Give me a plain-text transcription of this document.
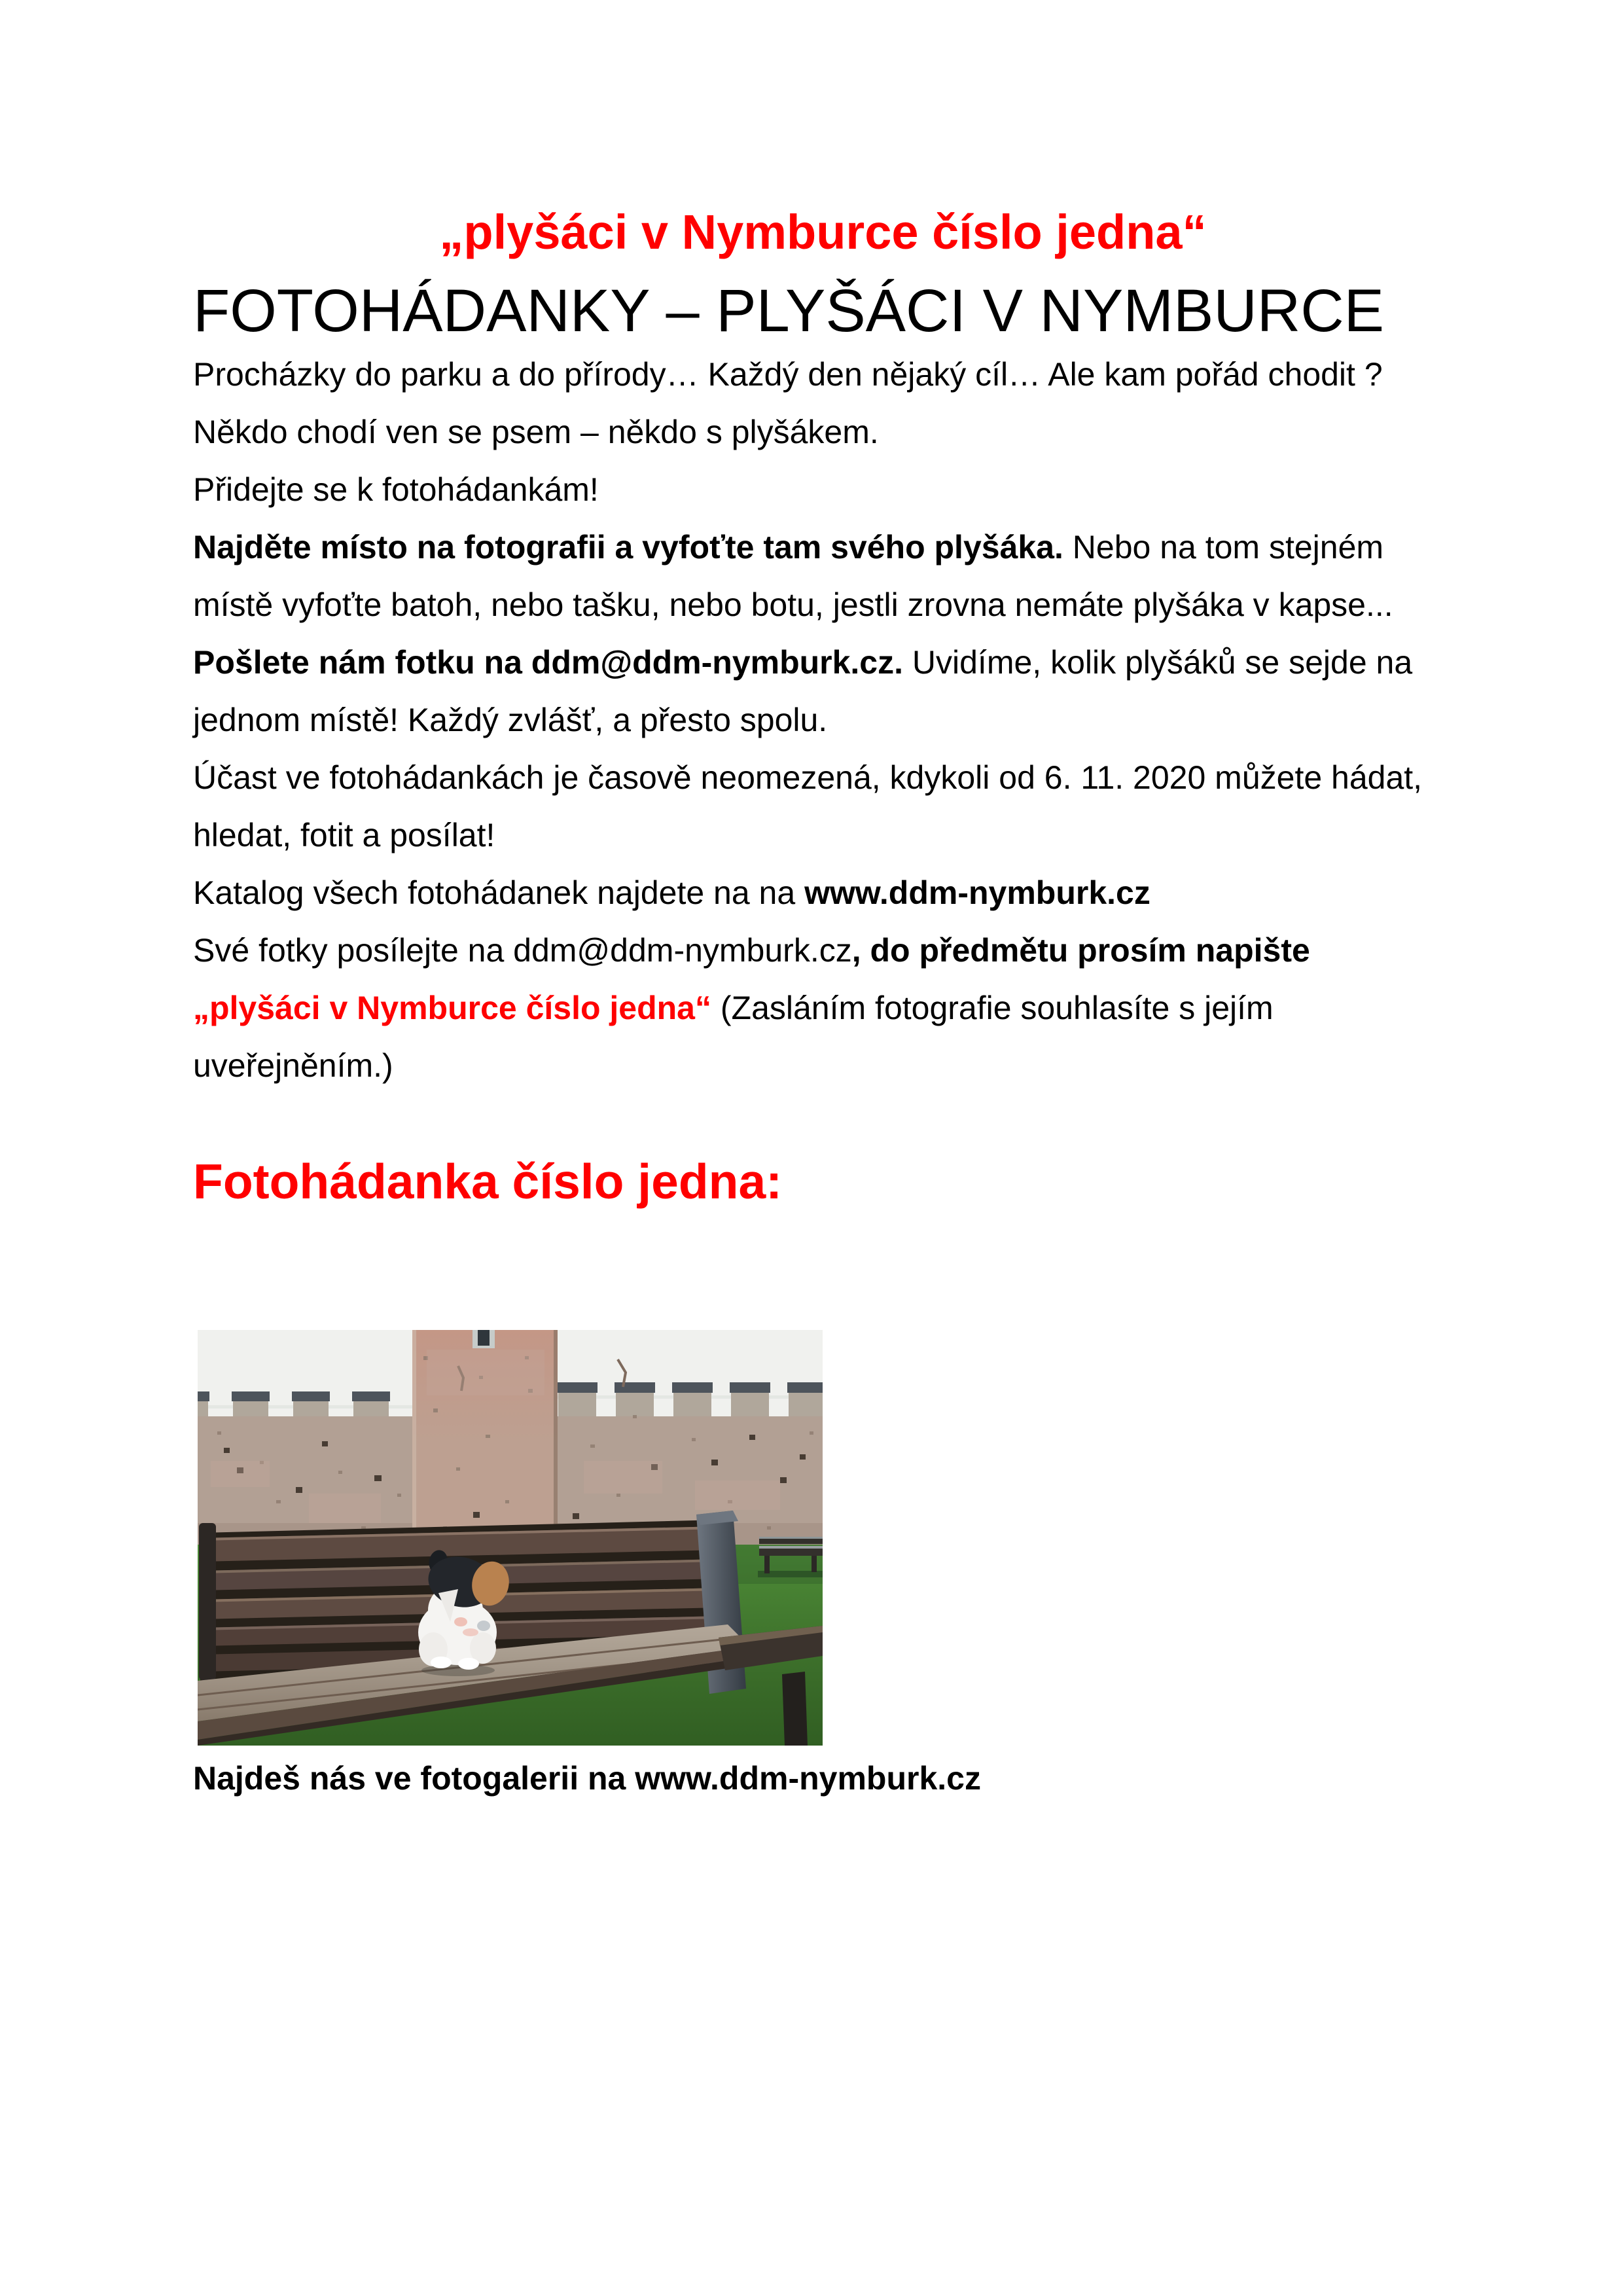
„plyšáci v Nymburce číslo jedna“
FOTOHÁDANKY – PLYŠÁCI V NYMBURCE

Procházky do parku a do přírody… Každý den nějaký cíl… Ale kam pořád chodit ?
Někdo chodí ven se psem – někdo s plyšákem.
Přidejte se k fotohádankám!

Najděte místo na fotografii a vyfoťte tam svého plyšáka. Nebo na tom stejném
místě vyfoťte batoh, nebo tašku, nebo botu, jestli zrovna nemáte plyšáka v kapse...

Pošlete nám fotku na ddm@ddm-nymburk.cz. Uvidíme, kolik plyšáků se sejde na
jednom místě! Každý zvlášť, a přesto spolu.

Účast ve fotohádankách je časově neomezená, kdykoli od 6. 11. 2020 můžete hádat,
hledat, fotit a posílat!

Katalog všech fotohádanek najdete na na www.ddm-nymburk.cz

Své fotky posílejte na ddm@ddm-nymburk.cz, do předmětu prosím napište
„plyšáci v Nymburce číslo jedna“ (Zasláním fotografie souhlasíte s jejím
uveřejněním.)

Fotohádanka číslo jedna:

Najdeš nás ve fotogalerii na www.ddm-nymburk.cz
